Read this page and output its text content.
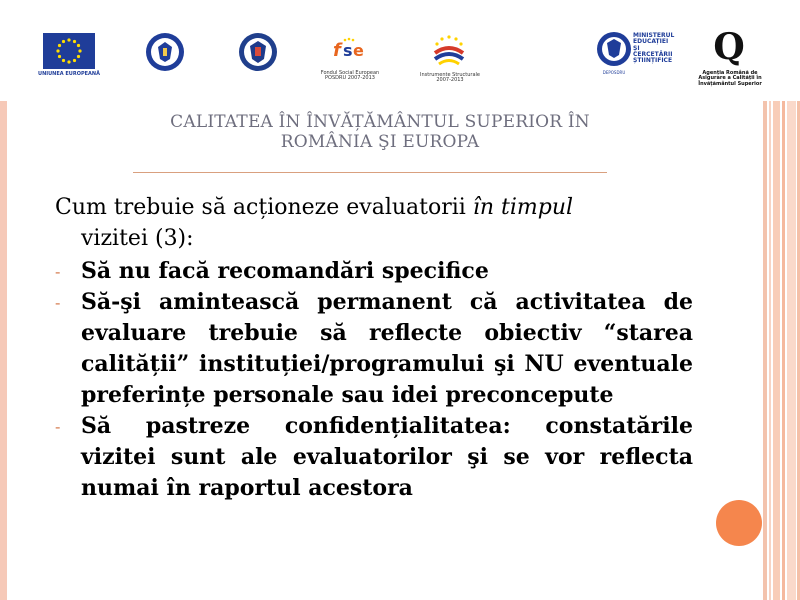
UNIUNEA EUROPEANĂ
f s e
Fondul Social European
POSDRU 2007-2013
Instrumente Structurale
2007-2013
MINISTERUL
EDUCAȚIEI ȘI
CERCETĂRII
ȘTIINȚIFICE
DEPOSDRU
Q
Agenția Română de
Asigurare a Calității în
Învățământul Superior
CALITATEA ÎN ÎNVĂȚĂMÂNTUL SUPERIOR ÎN
ROMÂNIA ŞI EUROPA

Cum trebuie să acționeze evaluatorii în timpul
vizitei (3):

- Să nu facă recomandări specifice

- Să-şi amintească permanent că activitatea de evaluare trebuie să reflecte obiectiv “starea calității” instituției/programului şi NU eventuale preferințe personale sau idei preconcepute

- Să pastreze confidențialitatea: constatările vizitei sunt ale evaluatorilor şi se vor reflecta numai în raportul acestora
